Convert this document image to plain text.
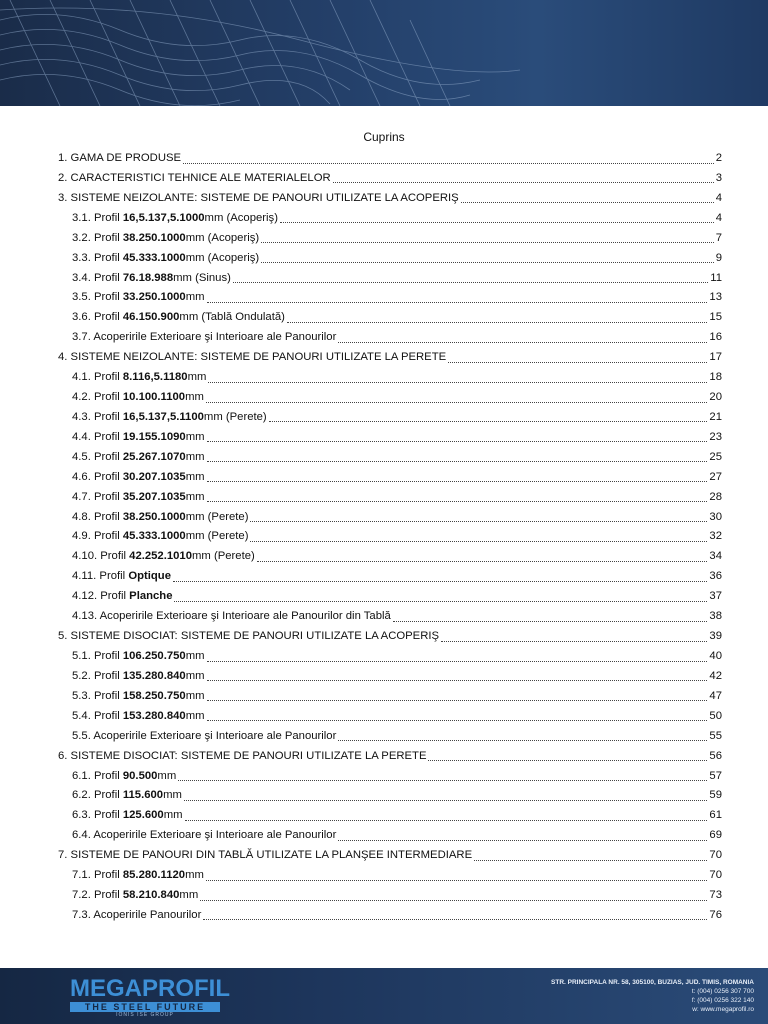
Cuprins
1. GAMA DE PRODUSE	2
2. CARACTERISTICI TEHNICE ALE MATERIALELOR	3
3. SISTEME NEIZOLANTE: SISTEME DE PANOURI UTILIZATE LA ACOPERIŞ	4
3.1. Profil 16,5.137,5.1000mm (Acoperiş)	4
3.2. Profil 38.250.1000mm (Acoperiş)	7
3.3. Profil 45.333.1000mm (Acoperiş)	9
3.4. Profil 76.18.988mm (Sinus)	11
3.5. Profil 33.250.1000mm	13
3.6. Profil 46.150.900mm (Tablă Ondulată)	15
3.7. Acoperirile Exterioare şi Interioare ale Panourilor	16
4. SISTEME NEIZOLANTE: SISTEME DE PANOURI UTILIZATE LA PERETE	17
4.1. Profil 8.116,5.1180mm	18
4.2. Profil 10.100.1100mm	20
4.3. Profil 16,5.137,5.1100mm (Perete)	21
4.4. Profil 19.155.1090mm	23
4.5. Profil 25.267.1070mm	25
4.6. Profil 30.207.1035mm	27
4.7. Profil 35.207.1035mm	28
4.8. Profil 38.250.1000mm (Perete)	30
4.9. Profil 45.333.1000mm (Perete)	32
4.10. Profil 42.252.1010mm (Perete)	34
4.11. Profil Optique	36
4.12. Profil Planche	37
4.13. Acoperirile Exterioare şi Interioare ale Panourilor din Tablă	38
5. SISTEME DISOCIAT: SISTEME DE PANOURI UTILIZATE LA ACOPERIŞ	39
5.1. Profil 106.250.750mm	40
5.2. Profil 135.280.840mm	42
5.3. Profil 158.250.750mm	47
5.4. Profil 153.280.840mm	50
5.5. Acoperirile Exterioare şi Interioare ale Panourilor	55
6. SISTEME DISOCIAT: SISTEME DE PANOURI UTILIZATE LA PERETE	56
6.1. Profil 90.500mm	57
6.2. Profil 115.600mm	59
6.3. Profil 125.600mm	61
6.4. Acoperirile Exterioare şi Interioare ale Panourilor	69
7. SISTEME DE PANOURI DIN TABLĂ UTILIZATE LA PLANŞEE INTERMEDIARE	70
7.1. Profil 85.280.1120mm	70
7.2. Profil 58.210.840mm	73
7.3. Acoperirile Panourilor	76
MEGAPROFIL
THE STEEL FUTURE
IONIS ISE GROUP
STR. PRINCIPALA NR. 58, 305100, BUZIAS, JUD. TIMIS, ROMANIA
t: (004) 0256 307 700
f: (004) 0256 322 140
w: www.megaprofil.ro
